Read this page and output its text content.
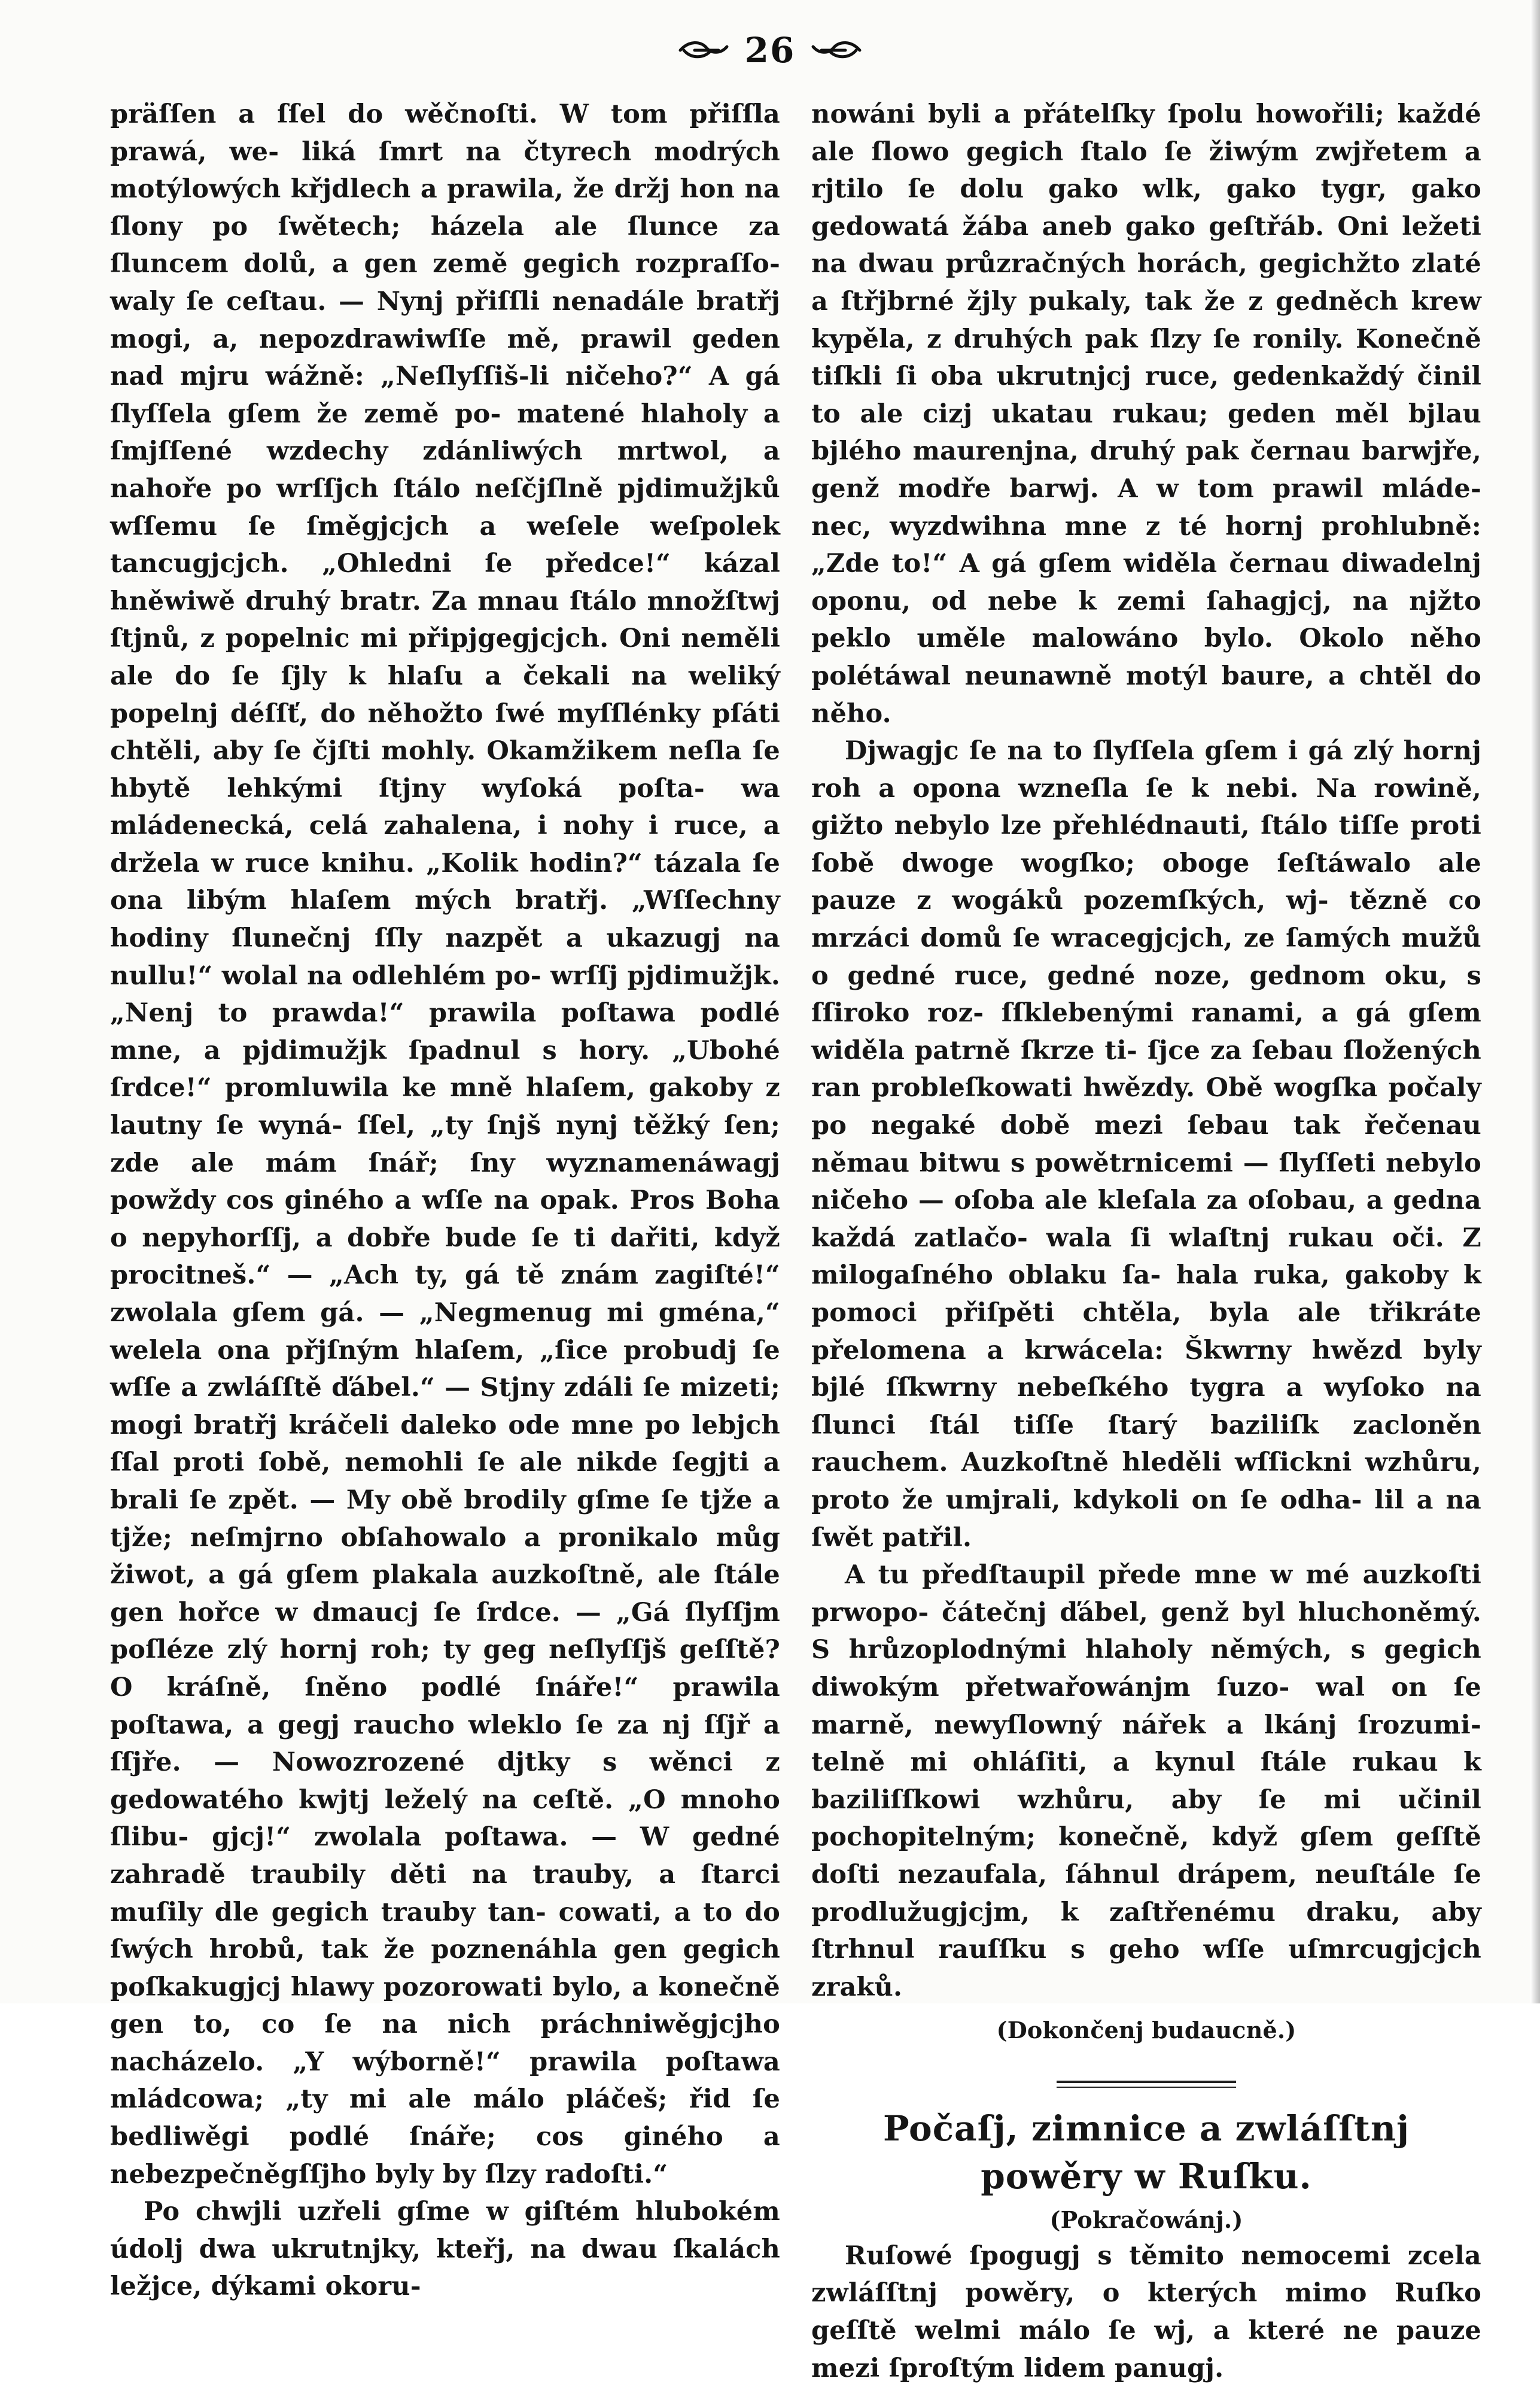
26

präſſen a ſſel do wěčnoſti. W tom přiſſla prawá, we- liká ſmrt na čtyrech modrých motýlowých křjdlech a prawila, že držj hon na ſlony po ſwětech; házela ale ſlunce za ſluncem dolů, a gen země gegich rozpraſſo- waly ſe ceſtau. — Nynj přiſſli nenadále bratřj mogi, a, nepozdrawiwſſe mě, prawil geden nad mjru wážně: „Neſlyſſiš-li ničeho?“ A gá ſlyſſela gſem že země po- matené hlaholy a ſmjſſené wzdechy zdánliwých mrtwol, a nahoře po wrſſjch ſtálo neſčjſlně pjdimužjků wſſemu ſe ſměgjcjch a weſele weſpolek tancugjcjch. „Ohledni ſe předce!“ kázal hněwiwě druhý bratr. Za mnau ſtálo množſtwj ſtjnů, z popelnic mi připjgegjcjch. Oni neměli ale do ſe ſjly k hlaſu a čekali na weliký popelnj déſſť, do něhožto ſwé myſſlénky pſáti chtěli, aby ſe čjſti mohly. Okamžikem neſla ſe hbytě lehkými ſtjny wyſoká poſta- wa mládenecká, celá zahalena, i nohy i ruce, a držela w ruce knihu. „Kolik hodin?“ tázala ſe ona libým hlaſem mých bratřj. „Wſſechny hodiny ſlunečnj ſſly nazpět a ukazugj na nullu!“ wolal na odlehlém po- wrſſj pjdimužjk. „Nenj to prawda!“ prawila poſtawa podlé mne, a pjdimužjk ſpadnul s hory. „Ubohé ſrdce!“ promluwila ke mně hlaſem, gakoby z lautny ſe wyná- ſſel, „ty ſnjš nynj těžký ſen; zde ale mám ſnář; ſny wyznamenáwagj powždy cos giného a wſſe na opak. Pros Boha o nepyhorſſj, a dobře bude ſe ti dařiti, když procitneš.“ — „Ach ty, gá tě znám zagiſté!“ zwolala gſem gá. — „Negmenug mi gména,“ welela ona přjſným hlaſem, „ſice probudj ſe wſſe a zwláſſtě ďábel.“ — Stjny zdáli ſe mizeti; mogi bratřj kráčeli daleko ode mne po lebjch ſſal proti ſobě, nemohli ſe ale nikde ſegjti a brali ſe zpět. — My obě brodily gſme ſe tjže a tjže; neſmjrno obſahowalo a pronikalo můg žiwot, a gá gſem plakala auzkoſtně, ale ſtále gen hořce w dmaucj ſe ſrdce. — „Gá ſlyſſjm poſléze zlý hornj roh; ty geg neſlyſſjš geſſtě? O kráſně, ſněno podlé ſnáře!“ prawila poſtawa, a gegj raucho wleklo ſe za nj ſſjř a ſſjře. — Nowozrozené djtky s wěnci z gedowatého kwjtj leželý na ceſtě. „O mnoho ſlibu- gjcj!“ zwolala poſtawa. — W gedné zahradě traubily děti na trauby, a ſtarci muſily dle gegich trauby tan- cowati, a to do ſwých hrobů, tak že poznenáhla gen gegich poſkakugjcj hlawy pozorowati bylo, a konečně gen to, co ſe na nich práchniwěgjcjho nacházelo. „Y wýborně!“ prawila poſtawa mládcowa; „ty mi ale málo pláčeš; řid ſe bedliwěgi podlé ſnáře; cos giného a nebezpečněgſſjho byly by ſlzy radoſti.“

Po chwjli uzřeli gſme w giſtém hlubokém údolj dwa ukrutnjky, kteřj, na dwau ſkalách ležjce, dýkami okoru-

nowáni byli a přátelſky ſpolu howořili; každé ale ſlowo gegich ſtalo ſe žiwým zwjřetem a rjtilo ſe dolu gako wlk, gako tygr, gako gedowatá žába aneb gako geſtřáb. Oni ležeti na dwau průzračných horách, gegichžto zlaté a ſtřjbrné žjly pukaly, tak že z gedněch krew kypěla, z druhých pak ſlzy ſe ronily. Konečně tiſkli ſi oba ukrutnjcj ruce, gedenkaždý činil to ale cizj ukatau rukau; geden měl bjlau bjlého maurenjna, druhý pak černau barwjře, genž modře barwj. A w tom prawil mláde- nec, wyzdwihna mne z té hornj prohlubně: „Zde to!“ A gá gſem widěla černau diwadelnj oponu, od nebe k zemi ſahagjcj, na njžto peklo uměle malowáno bylo. Okolo něho polétáwal neunawně motýl baure, a chtěl do něho.

Djwagjc ſe na to ſlyſſela gſem i gá zlý hornj roh a opona wzneſla ſe k nebi. Na rowině, gižto nebylo lze přehlédnauti, ſtálo tiſſe proti ſobě dwoge wogſko; oboge ſeſtáwalo ale pauze z wogáků pozemſkých, wj- tězně co mrzáci domů ſe wracegjcjch, ze ſamých mužů o gedné ruce, gedné noze, gednom oku, s ſſiroko roz- ſſklebenými ranami, a gá gſem widěla patrně ſkrze ti- ſjce za ſebau ſložených ran probleſkowati hwězdy. Obě wogſka počaly po negaké době mezi ſebau tak řečenau němau bitwu s powětrnicemi — ſlyſſeti nebylo ničeho — oſoba ale kleſala za oſobau, a gedna každá zatlačo- wala ſi wlaſtnj rukau oči. Z milogaſného oblaku ſa- hala ruka, gakoby k pomoci přiſpěti chtěla, byla ale třikráte přelomena a krwácela: Škwrny hwězd byly bjlé ſſkwrny nebeſkého tygra a wyſoko na ſlunci ſtál tiſſe ſtarý baziliſk zacloněn rauchem. Auzkoſtně hleděli wſſickni wzhůru, proto že umjrali, kdykoli on ſe odha- lil a na ſwět patřil.

A tu předſtaupil přede mne w mé auzkoſti prwopo- čátečnj ďábel, genž byl hluchoněmý. S hrůzoplodnými hlaholy němých, s gegich diwokým přetwařowánjm ſuzo- wal on ſe marně, newyſlowný nářek a lkánj ſrozumi- telně mi ohláſiti, a kynul ſtále rukau k baziliſſkowi wzhůru, aby ſe mi učinil pochopitelným; konečně, když gſem geſſtě doſti nezaufala, ſáhnul drápem, neuſtále ſe prodlužugjcjm, k zaſtřenému draku, aby ſtrhnul rauſſku s geho wſſe uſmrcugjcjch zraků.

(Dokončenj budaucně.)

Počaſj, zimnice a zwláſſtnj powěry w Ruſku.

(Pokračowánj.)

Ruſowé ſpogugj s těmito nemocemi zcela zwláſſtnj powěry, o kterých mimo Ruſko geſſtě welmi málo ſe wj, a které ne pauze mezi ſproſtým lidem panugj.
